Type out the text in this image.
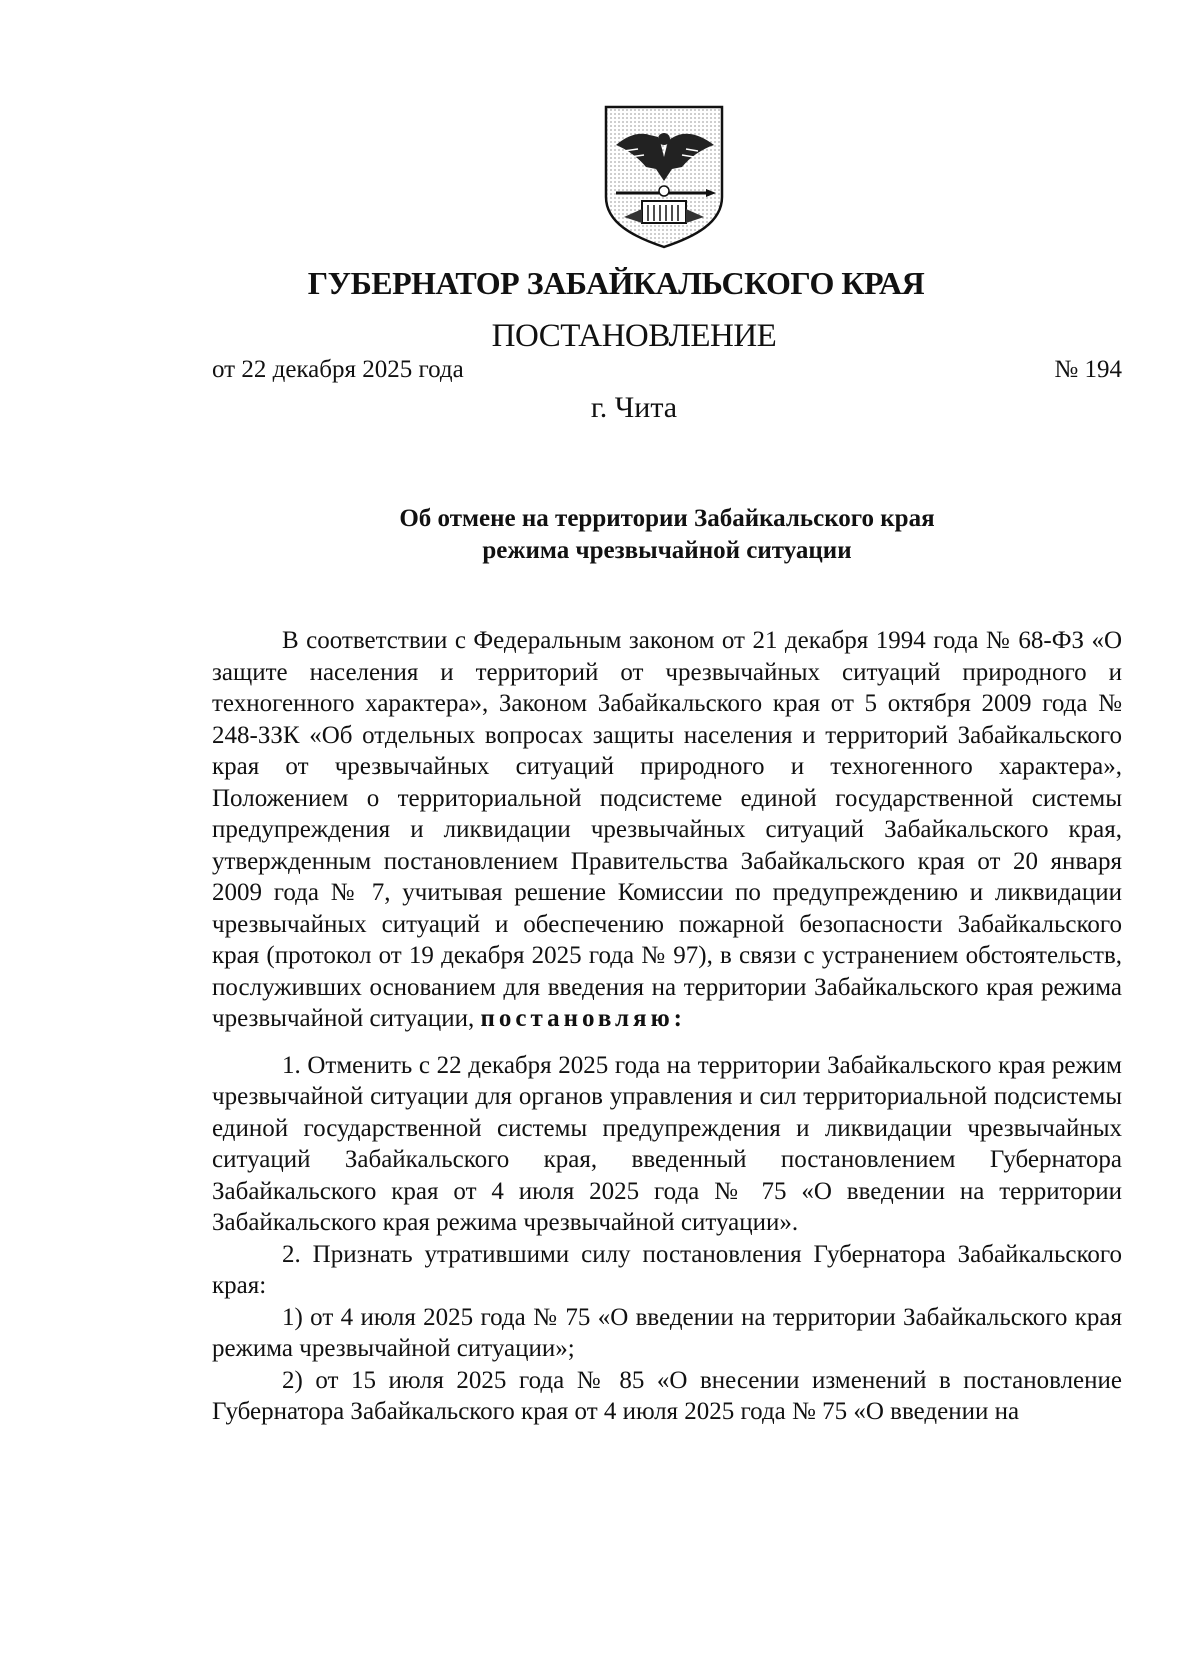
ГУБЕРНАТОР ЗАБАЙКАЛЬСКОГО КРАЯ
ПОСТАНОВЛЕНИЕ
от 22 декабря 2025 года	№ 194
г. Чита
Об отмене на территории Забайкальского края
режима чрезвычайной ситуации

В соответствии с Федеральным законом от 21 декабря 1994 года № 68-ФЗ «О защите населения и территорий от чрезвычайных ситуаций природного и техногенного характера», Законом Забайкальского края от 5 октября 2009 года № 248-ЗЗК «Об отдельных вопросах защиты населения и территорий Забайкальского края от чрезвычайных ситуаций природного и техногенного характера», Положением о территориальной подсистеме единой государственной системы предупреждения и ликвидации чрезвычайных ситуаций Забайкальского края, утвержденным постановлением Правительства Забайкальского края от 20 января 2009 года № 7, учитывая решение Комиссии по предупреждению и ликвидации чрезвычайных ситуаций и обеспечению пожарной безопасности Забайкальского края (протокол от 19 декабря 2025 года № 97), в связи с устранением обстоятельств, послуживших основанием для введения на территории Забайкальского края режима чрезвычайной ситуации, постановляю:

1. Отменить с 22 декабря 2025 года на территории Забайкальского края режим чрезвычайной ситуации для органов управления и сил территориальной подсистемы единой государственной системы предупреждения и ликвидации чрезвычайных ситуаций Забайкальского края, введенный постановлением Губернатора Забайкальского края от 4 июля 2025 года № 75 «О введении на территории Забайкальского края режима чрезвычайной ситуации».

2. Признать утратившими силу постановления Губернатора Забайкальского края:

1) от 4 июля 2025 года № 75 «О введении на территории Забайкальского края режима чрезвычайной ситуации»;

2) от 15 июля 2025 года № 85 «О внесении изменений в постановление Губернатора Забайкальского края от 4 июля 2025 года № 75 «О введении на
